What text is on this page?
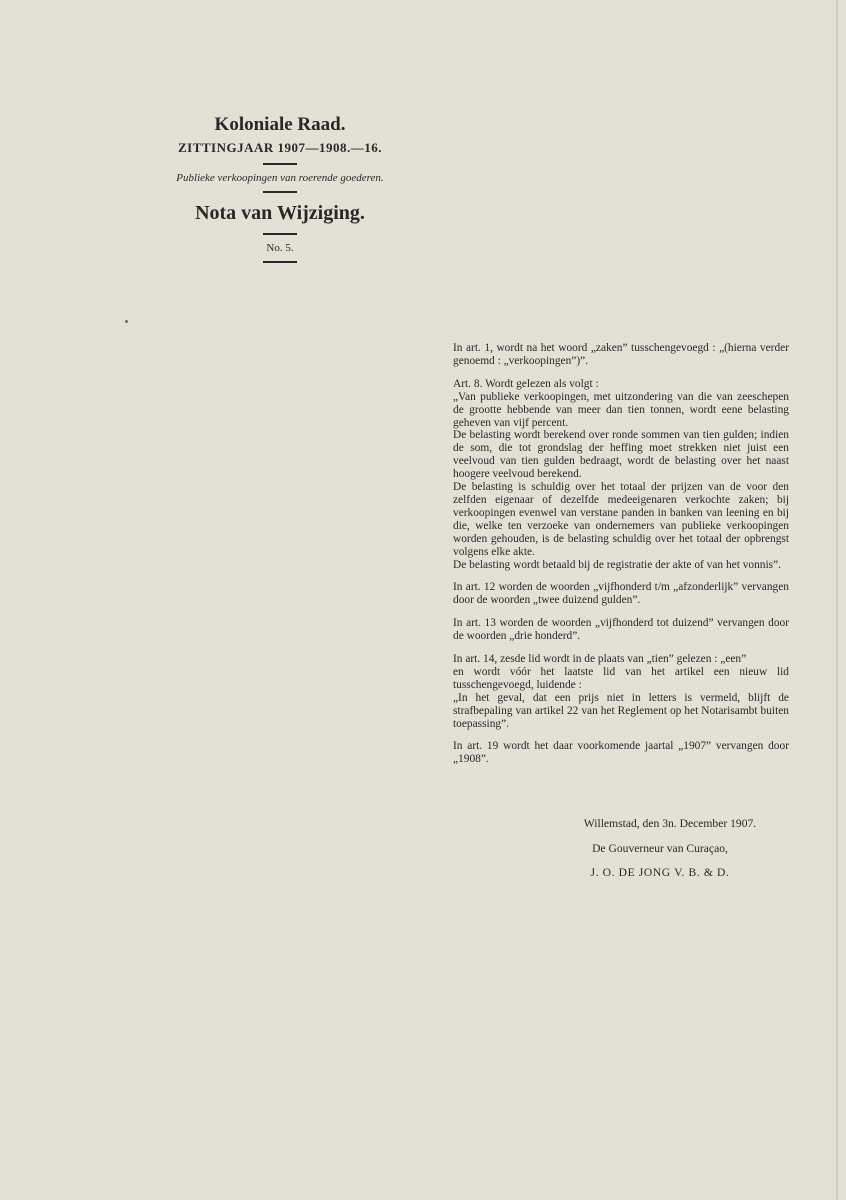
Koloniale Raad.

ZITTINGJAAR 1907—1908.—16.

Publieke verkoopingen van roerende goederen.

Nota van Wijziging.

No. 5.

In art. 1, wordt na het woord „zaken” tusschengevoegd : „(hierna verder genoemd : „verkoopingen”)”.

Art. 8. Wordt gelezen als volgt :

„Van publieke verkoopingen, met uitzondering van die van zeeschepen de grootte hebbende van meer dan tien tonnen, wordt eene belasting geheven van vijf percent.

De belasting wordt berekend over ronde sommen van tien gulden; indien de som, die tot grondslag der heffing moet strekken niet juist een veelvoud van tien gulden bedraagt, wordt de belasting over het naast hoogere veelvoud berekend.

De belasting is schuldig over het totaal der prijzen van de voor den zelfden eigenaar of dezelfde medeeigenaren verkochte zaken; bij verkoopingen evenwel van verstane panden in banken van leening en bij die, welke ten verzoeke van ondernemers van publieke verkoopingen worden gehouden, is de belasting schuldig over het totaal der opbrengst volgens elke akte.

De belasting wordt betaald bij de registratie der akte of van het vonnis”.

In art. 12 worden de woorden „vijfhonderd t/m „afzonderlijk” vervangen door de woorden „twee duizend gulden”.

In art. 13 worden de woorden „vijfhonderd tot duizend” vervangen door de woorden „drie honderd”.

In art. 14, zesde lid wordt in de plaats van „tien” gelezen : „een”

en wordt vóór het laatste lid van het artikel een nieuw lid tusschengevoegd, luidende :

„In het geval, dat een prijs niet in letters is vermeld, blijft de strafbepaling van artikel 22 van het Reglement op het Notarisambt buiten toepassing”.

In art. 19 wordt het daar voorkomende jaartal „1907” vervangen door „1908”.

Willemstad, den 3n. December 1907.
De Gouverneur van Curaçao,
J. O. DE JONG V. B. & D.
